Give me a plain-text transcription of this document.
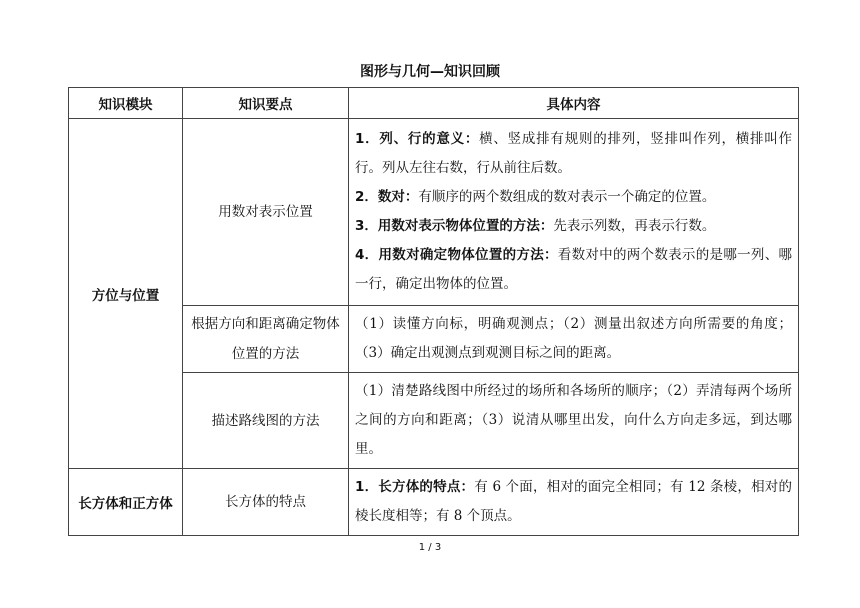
图形与几何—知识回顾
知识模块	知识要点	具体内容
方位与位置	用数对表示位置	1．列、行的意义：横、竖成排有规则的排列，竖排叫作列，横排叫作行。列从左往右数，行从前往后数。

2．数对：有顺序的两个数组成的数对表示一个确定的位置。

3．用数对表示物体位置的方法：先表示列数，再表示行数。

4．用数对确定物体位置的方法：看数对中的两个数表示的是哪一列、哪一行，确定出物体的位置。

	根据方向和距离确定物体位置的方法	（1）读懂方向标，明确观测点；（2）测量出叙述方向所需要的角度；（3）确定出观测点到观测目标之间的距离。
	描述路线图的方法	（1）清楚路线图中所经过的场所和各场所的顺序；（2）弄清每两个场所之间的方向和距离；（3）说清从哪里出发，向什么方向走多远，到达哪里。
长方体和正方体	长方体的特点	1．长方体的特点：有 6 个面，相对的面完全相同；有 12 条棱，相对的棱长度相等；有 8 个顶点。

1 / 3
